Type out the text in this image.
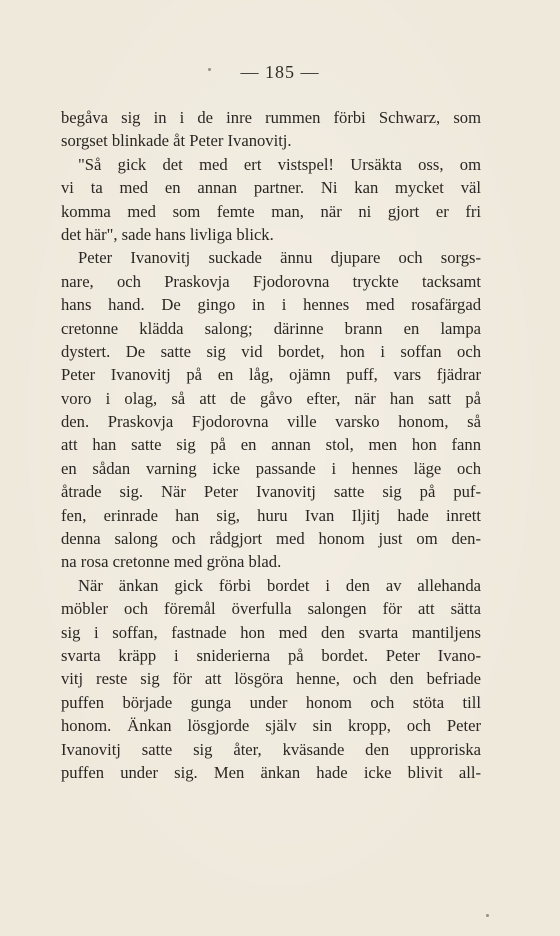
— 185 —
begåva sig in i de inre rummen förbi Schwarz, som
sorgset blinkade åt Peter Ivanovitj.
"Så gick det med ert vistspel! Ursäkta oss, om
vi ta med en annan partner. Ni kan mycket väl
komma med som femte man, när ni gjort er fri
det här", sade hans livliga blick.
Peter Ivanovitj suckade ännu djupare och sorgs-
nare, och Praskovja Fjodorovna tryckte tacksamt
hans hand. De gingo in i hennes med rosafärgad
cretonne klädda salong; därinne brann en lampa
dystert. De satte sig vid bordet, hon i soffan och
Peter Ivanovitj på en låg, ojämn puff, vars fjädrar
voro i olag, så att de gåvo efter, när han satt på
den. Praskovja Fjodorovna ville varsko honom, så
att han satte sig på en annan stol, men hon fann
en sådan varning icke passande i hennes läge och
åtrade sig. När Peter Ivanovitj satte sig på puf-
fen, erinrade han sig, huru Ivan Iljitj hade inrett
denna salong och rådgjort med honom just om den-
na rosa cretonne med gröna blad.
När änkan gick förbi bordet i den av allehanda
möbler och föremål överfulla salongen för att sätta
sig i soffan, fastnade hon med den svarta mantiljens
svarta kräpp i sniderierna på bordet. Peter Ivano-
vitj reste sig för att lösgöra henne, och den befriade
puffen började gunga under honom och stöta till
honom. Änkan lösgjorde själv sin kropp, och Peter
Ivanovitj satte sig åter, kväsande den upproriska
puffen under sig. Men änkan hade icke blivit all-
